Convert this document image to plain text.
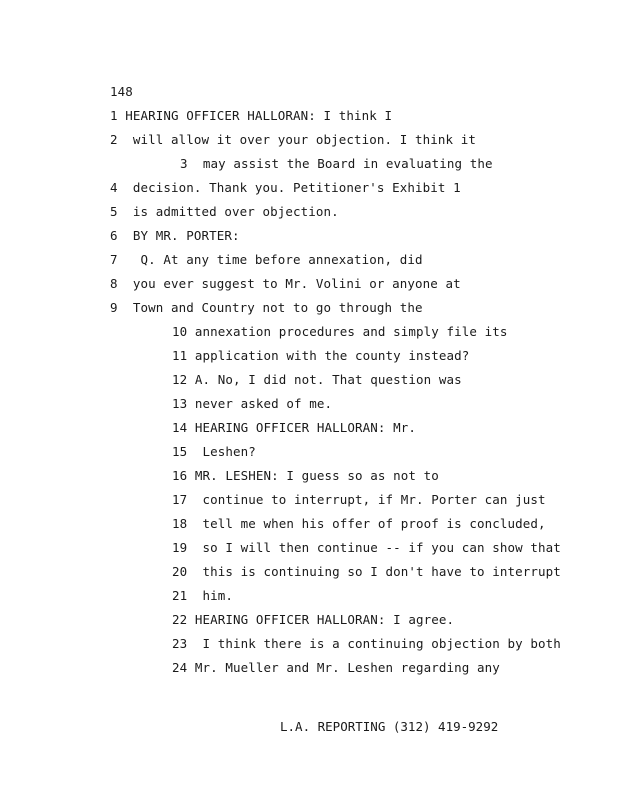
148
1 HEARING OFFICER HALLORAN: I think I
2  will allow it over your objection. I think it
3  may assist the Board in evaluating the
4  decision. Thank you. Petitioner's Exhibit 1
5  is admitted over objection.
6  BY MR. PORTER:
7   Q. At any time before annexation, did
8  you ever suggest to Mr. Volini or anyone at
9  Town and Country not to go through the
10 annexation procedures and simply file its
11 application with the county instead?
12 A. No, I did not. That question was
13 never asked of me.
14 HEARING OFFICER HALLORAN: Mr.
15  Leshen?
16 MR. LESHEN: I guess so as not to
17  continue to interrupt, if Mr. Porter can just
18  tell me when his offer of proof is concluded,
19  so I will then continue -- if you can show that
20  this is continuing so I don't have to interrupt
21  him.
22 HEARING OFFICER HALLORAN: I agree.
23  I think there is a continuing objection by both
24 Mr. Mueller and Mr. Leshen regarding any
L.A. REPORTING (312) 419-9292
